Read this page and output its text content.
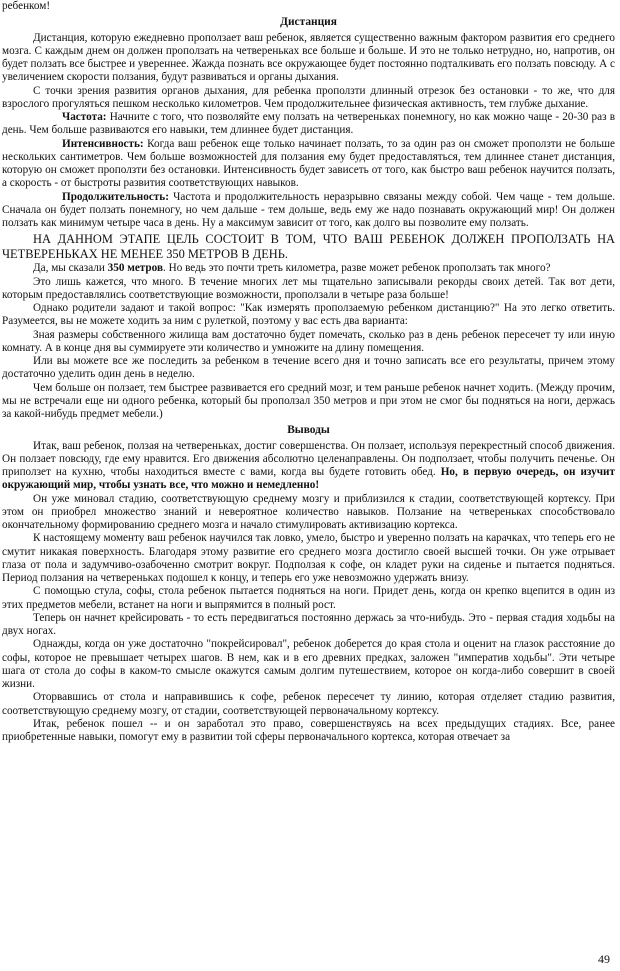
ребенком!

Дистанция

Дистанция, которую ежедневно проползает ваш ребенок, является существенно важным фактором развития его среднего мозга. С каждым днем он должен проползать на четвереньках все больше и больше. И это не только нетрудно, но, напротив, он будет ползать все быстрее и увереннее. Жажда познать все окружающее будет постоянно подталкивать его ползать повсюду. А с увеличением скорости ползания, будут развиваться и органы дыхания.

С точки зрения развития органов дыхания, для ребенка проползти длинный отрезок без остановки - то же, что для взрослого прогуляться пешком несколько километров. Чем продолжительнее физическая активность, тем глубже дыхание.

Частота: Начните с того, что позволяйте ему ползать на четвереньках понемногу, но как можно чаще - 20-30 раз в день. Чем больше развиваются его навыки, тем длиннее будет дистанция.

Интенсивность: Когда ваш ребенок еще только начинает ползать, то за один раз он сможет проползти не больше нескольких сантиметров. Чем больше возможностей для ползания ему будет предоставляться, тем длиннее станет дистанция, которую он сможет проползти без остановки. Интенсивность будет зависеть от того, как быстро ваш ребенок научится ползать, а скорость - от быстроты развития соответствующих навыков.

Продолжительность: Частота и продолжительность неразрывно связаны между собой. Чем чаще - тем дольше. Сначала он будет ползать понемногу, но чем дальше - тем дольше, ведь ему же надо познавать окружающий мир! Он должен ползать как минимум четыре часа в день. Ну а максимум зависит от того, как долго вы позволите ему ползать.

НА ДАННОМ ЭТАПЕ ЦЕЛЬ СОСТОИТ В ТОМ, ЧТО ВАШ РЕБЕНОК ДОЛЖЕН ПРОПОЛЗАТЬ НА ЧЕТВЕРЕНЬКАХ НЕ МЕНЕЕ 350 МЕТРОВ В ДЕНЬ.

Да, мы сказали 350 метров. Но ведь это почти треть километра, разве может ребенок проползать так много?

Это лишь кажется, что много. В течение многих лет мы тщательно записывали рекорды своих детей. Так вот дети, которым предоставлялись соответствующие возможности, проползали в четыре раза больше!

Однако родители задают и такой вопрос: "Как измерять проползаемую ребенком дистанцию?" На это легко ответить. Разумеется, вы не можете ходить за ним с рулеткой, поэтому у вас есть два варианта:

Зная размеры собственного жилища вам достаточно будет помечать, сколько раз в день ребенок пересечет ту или иную комнату. А в конце дня вы суммируете эти количество и умножите на длину помещения.

Или вы можете все же последить за ребенком в течение всего дня и точно записать все его результаты, причем этому достаточно уделить один день в неделю.

Чем больше он ползает, тем быстрее развивается его средний мозг, и тем раньше ребенок начнет ходить. (Между прочим, мы не встречали еще ни одного ребенка, который бы проползал 350 метров и при этом не смог бы подняться на ноги, держась за какой-нибудь предмет мебели.)

Выводы

Итак, ваш ребенок, ползая на четвереньках, достиг совершенства. Он ползает, используя перекрестный способ движения. Он ползает повсюду, где ему нравится. Его движения абсолютно целенаправлены. Он подползает, чтобы получить печенье. Он приползет на кухню, чтобы находиться вместе с вами, когда вы будете готовить обед. Но, в первую очередь, он изучит окружающий мир, чтобы узнать все, что можно и немедленно!

Он уже миновал стадию, соответствующую среднему мозгу и приблизился к стадии, соответствующей кортексу. При этом он приобрел множество знаний и невероятное количество навыков. Ползание на четвереньках способствовало окончательному формированию среднего мозга и начало стимулировать активизацию кортекса.

К настоящему моменту ваш ребенок научился так ловко, умело, быстро и уверенно ползать на карачках, что теперь его не смутит никакая поверхность. Благодаря этому развитие его среднего мозга достигло своей высшей точки. Он уже отрывает глаза от пола и задумчиво-озабоченно смотрит вокруг. Подползая к софе, он кладет руки на сиденье и пытается подняться. Период ползания на четвереньках подошел к концу, и теперь его уже невозможно удержать внизу.

С помощью стула, софы, стола ребенок пытается подняться на ноги. Придет день, когда он крепко вцепится в один из этих предметов мебели, встанет на ноги и выпрямится в полный рост.

Теперь он начнет крейсировать - то есть передвигаться постоянно держась за что-нибудь. Это - первая стадия ходьбы на двух ногах.

Однажды, когда он уже достаточно "покрейсировал", ребенок доберется до края стола и оценит на глазок расстояние до софы, которое не превышает четырех шагов. В нем, как и в его древних предках, заложен "императив ходьбы". Эти четыре шага от стола до софы в каком-то смысле окажутся самым долгим путешествием, которое он когда-либо совершит в своей жизни.

Оторвавшись от стола и направившись к софе, ребенок пересечет ту линию, которая отделяет стадию развития, соответствующую среднему мозгу, от стадии, соответствующей первоначальному кортексу.

Итак, ребенок пошел -- и он заработал это право, совершенствуясь на всех предыдущих стадиях. Все, ранее приобретенные навыки, помогут ему в развитии той сферы первоначального кортекса, которая отвечает за

49
